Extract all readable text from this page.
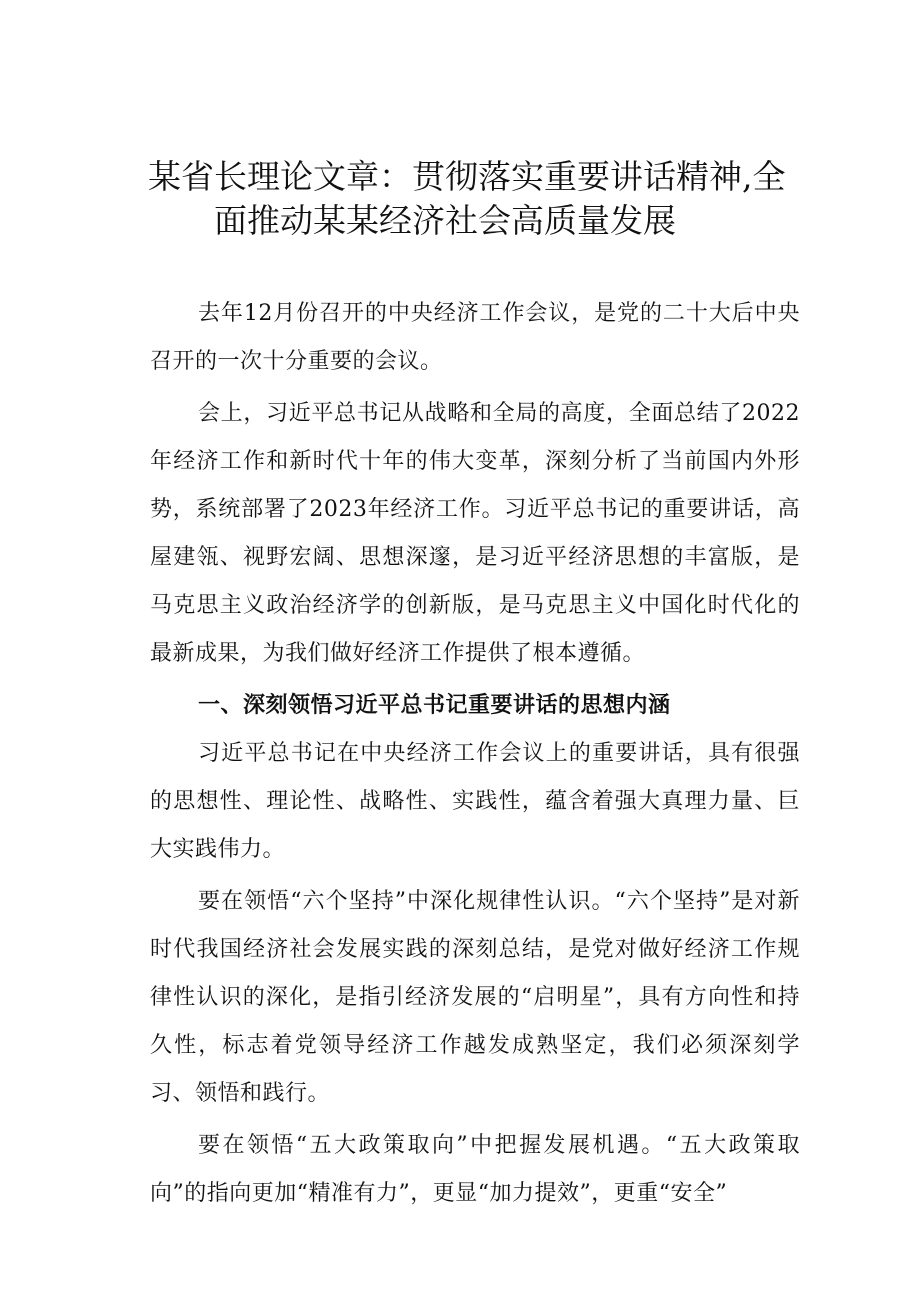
某省长理论文章：贯彻落实重要讲话精神,全
面推动某某经济社会高质量发展

去年12月份召开的中央经济工作会议，是党的二十大后中央召开的一次十分重要的会议。

会上，习近平总书记从战略和全局的高度，全面总结了2022年经济工作和新时代十年的伟大变革，深刻分析了当前国内外形势，系统部署了2023年经济工作。习近平总书记的重要讲话，高屋建瓴、视野宏阔、思想深邃，是习近平经济思想的丰富版，是马克思主义政治经济学的创新版，是马克思主义中国化时代化的最新成果，为我们做好经济工作提供了根本遵循。

一、深刻领悟习近平总书记重要讲话的思想内涵

习近平总书记在中央经济工作会议上的重要讲话，具有很强的思想性、理论性、战略性、实践性，蕴含着强大真理力量、巨大实践伟力。

要在领悟“六个坚持”中深化规律性认识。“六个坚持”是对新时代我国经济社会发展实践的深刻总结，是党对做好经济工作规律性认识的深化，是指引经济发展的“启明星”，具有方向性和持久性，标志着党领导经济工作越发成熟坚定，我们必须深刻学习、领悟和践行。

要在领悟“五大政策取向”中把握发展机遇。“五大政策取向”的指向更加“精准有力”，更显“加力提效”，更重“安全”
